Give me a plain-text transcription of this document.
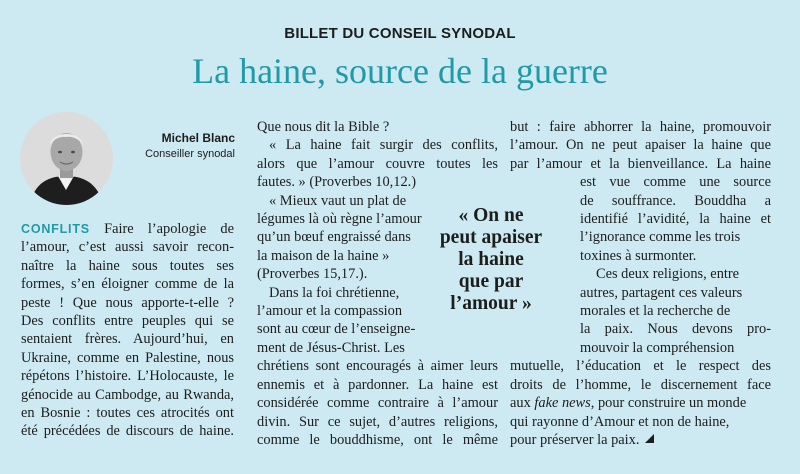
BILLET DU CONSEIL SYNODAL
La haine, source de la guerre
Michel Blanc
Conseiller synodal
CONFLITS Faire l’apologie de
l’amour, c’est aussi savoir recon-
naître la haine sous toutes ses
formes, s’en éloigner comme de la
peste ! Que nous apporte-t-elle ?
Des conflits entre peuples qui se
sentaient frères. Aujourd’hui, en
Ukraine, comme en Palestine, nous
répétons l’histoire. L’Holocauste, le
génocide au Cambodge, au Rwanda,
en Bosnie : toutes ces atrocités ont
été précédées de discours de haine.
Que nous dit la Bible ?
« La haine fait surgir des conflits,
alors que l’amour couvre toutes les
fautes. » (Proverbes 10,12.)
« Mieux vaut un plat de
légumes là où règne l’amour
qu’un bœuf engraissé dans
la maison de la haine »
(Proverbes 15,17.).
Dans la foi chrétienne,
l’amour et la compassion
sont au cœur de l’enseigne-
ment de Jésus-Christ. Les
chrétiens sont encouragés à aimer leurs
ennemis et à pardonner. La haine est
considérée comme contraire à l’amour
divin. Sur ce sujet, d’autres religions,
comme le bouddhisme, ont le même
« On ne
peut apaiser
la haine
que par
l’amour »
but : faire abhorrer la haine, promouvoir
l’amour. On ne peut apaiser la haine que
par l’amour et la bienveillance. La haine
est vue comme une source
de souffrance. Bouddha a
identifié l’avidité, la haine et
l’ignorance comme les trois
toxines à surmonter.
Ces deux religions, entre
autres, partagent ces valeurs
morales et la recherche de
la paix. Nous devons pro-
mouvoir la compréhension
mutuelle, l’éducation et le respect des
droits de l’homme, le discernement face
aux fake news, pour construire un monde
qui rayonne d’Amour et non de haine,
pour préserver la paix.
